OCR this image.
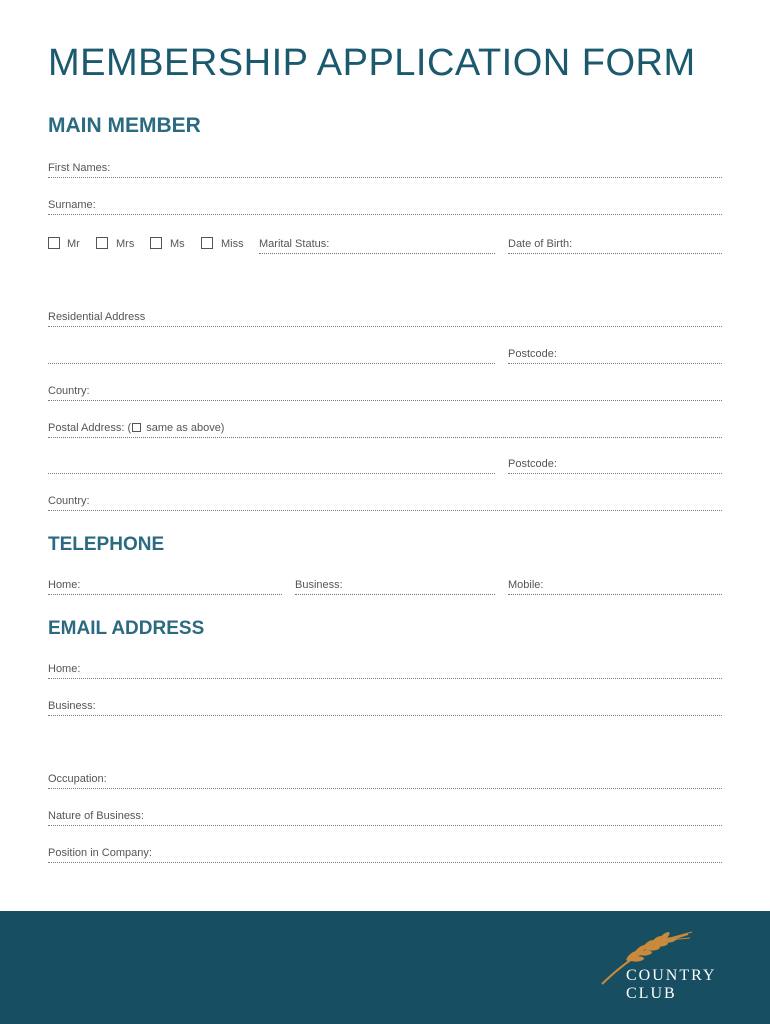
MEMBERSHIP APPLICATION FORM
MAIN MEMBER
First Names:
Surname:
Mr	Mrs	Ms	Miss Marital Status:	Date of Birth:
Residential Address
Postcode:
Country:
Postal Address: ( same as above)
Postcode:
Country:
TELEPHONE
Home:	Business:	Mobile:
EMAIL ADDRESS
Home:
Business:
Occupation:
Nature of Business:
Position in Company:
COUNTRY
CLUB
